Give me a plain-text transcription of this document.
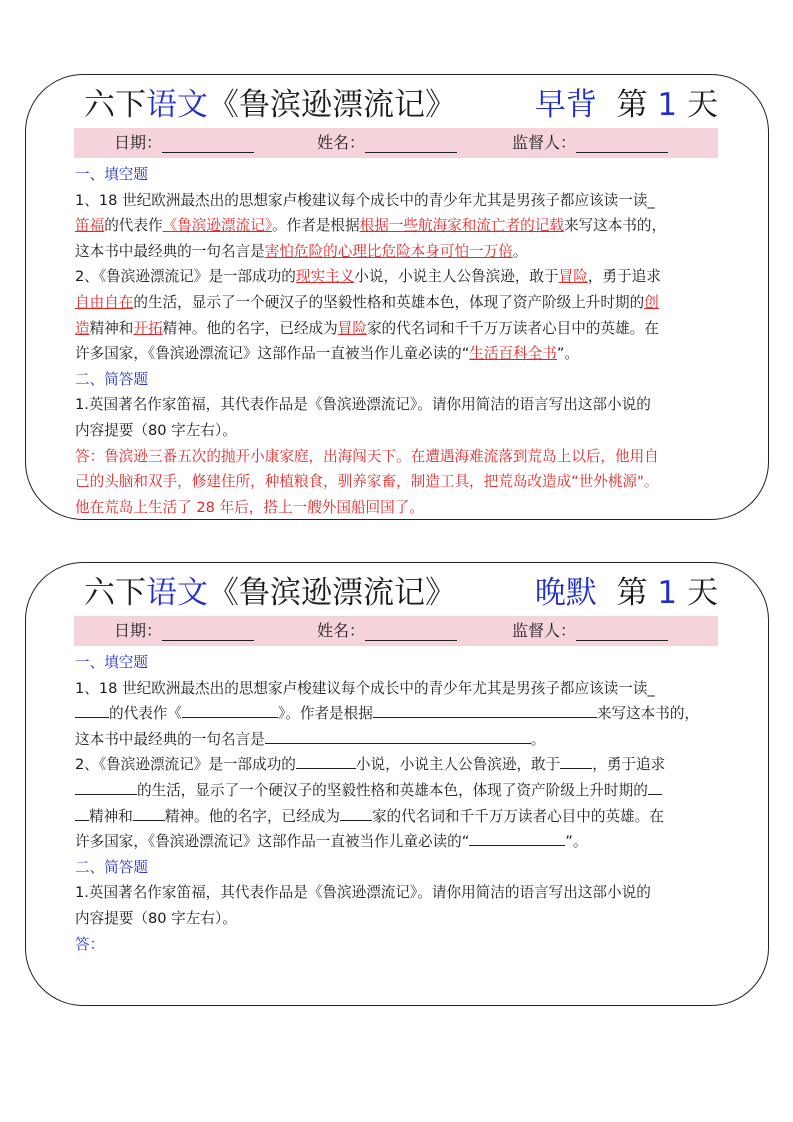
六下语文《鲁滨逊漂流记》	早背 第 1 天
日期：	姓名：	监督人：

一、填空题

1、18 世纪欧洲最杰出的思想家卢梭建议每个成长中的青少年尤其是男孩子都应该读一读_

笛福的代表作《鲁滨逊漂流记》。作者是根据根据一些航海家和流亡者的记载来写这本书的，

这本书中最经典的一句名言是害怕危险的心理比危险本身可怕一万倍。

2、《鲁滨逊漂流记》是一部成功的现实主义小说，小说主人公鲁滨逊，敢于冒险，勇于追求

自由自在的生活，显示了一个硬汉子的坚毅性格和英雄本色，体现了资产阶级上升时期的创

造精神和开拓精神。他的名字，已经成为冒险家的代名词和千千万万读者心目中的英雄。在

许多国家，《鲁滨逊漂流记》这部作品一直被当作儿童必读的“生活百科全书”。

二、简答题

1.英国著名作家笛福，其代表作品是《鲁滨逊漂流记》。请你用简洁的语言写出这部小说的

内容提要（80 字左右）。

答：鲁滨逊三番五次的抛开小康家庭，出海闯天下。在遭遇海难流落到荒岛上以后，他用自

己的头脑和双手，修建住所，种植粮食，驯养家畜，制造工具，把荒岛改造成“世外桃源"。

他在荒岛上生活了 28 年后，搭上一艘外国船回国了。

六下语文《鲁滨逊漂流记》	晚默 第 1 天
日期：	姓名：	监督人：

一、填空题

1、18 世纪欧洲最杰出的思想家卢梭建议每个成长中的青少年尤其是男孩子都应该读一读_

的代表作《	》。作者是根据	来写这本书的，

这本书中最经典的一句名言是	。

2、《鲁滨逊漂流记》是一部成功的	小说，小说主人公鲁滨逊，敢于 ，勇于追求

的生活，显示了一个硬汉子的坚毅性格和英雄本色，体现了资产阶级上升时期的

精神和 精神。他的名字，已经成为 家的代名词和千千万万读者心目中的英雄。在

许多国家，《鲁滨逊漂流记》这部作品一直被当作儿童必读的“	”。

二、简答题

1.英国著名作家笛福，其代表作品是《鲁滨逊漂流记》。请你用简洁的语言写出这部小说的

内容提要（80 字左右）。

答：
